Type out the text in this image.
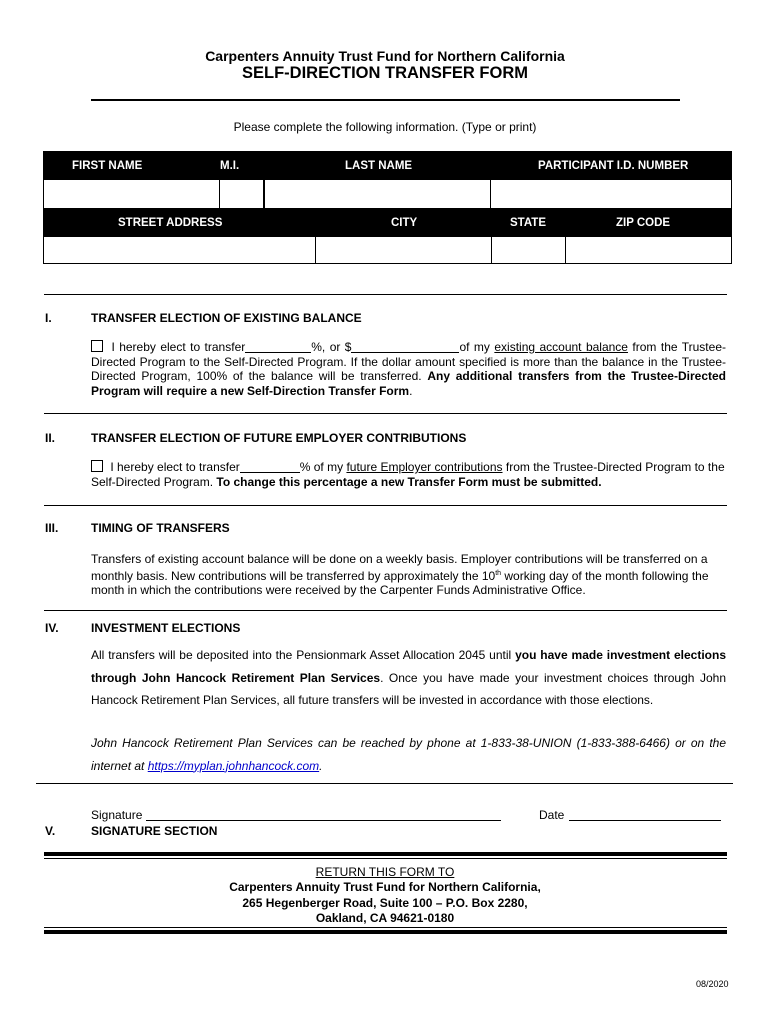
Carpenters Annuity Trust Fund for Northern California
SELF-DIRECTION TRANSFER FORM
Please complete the following information. (Type or print)
FIRST NAME	M.I.	LAST NAME	PARTICIPANT I.D. NUMBER

STREET ADDRESS	CITY	STATE	ZIP CODE

I.	TRANSFER ELECTION OF EXISTING BALANCE
I hereby elect to transfer	%, or $	of my existing account balance from the Trustee-Directed Program to the Self-Directed Program. If the dollar amount specified is more than the balance in the Trustee-Directed Program, 100% of the balance will be transferred. Any additional transfers from the Trustee-Directed Program will require a new Self-Direction Transfer Form.
II.	TRANSFER ELECTION OF FUTURE EMPLOYER CONTRIBUTIONS
I hereby elect to transfer	% of my future Employer contributions from the Trustee-Directed Program to the Self-Directed Program. To change this percentage a new Transfer Form must be submitted.
III.	TIMING OF TRANSFERS
Transfers of existing account balance will be done on a weekly basis. Employer contributions will be transferred on a monthly basis. New contributions will be transferred by approximately the 10th working day of the month following the month in which the contributions were received by the Carpenter Funds Administrative Office.
IV.	INVESTMENT ELECTIONS
All transfers will be deposited into the Pensionmark Asset Allocation 2045 until you have made investment elections through John Hancock Retirement Plan Services. Once you have made your investment choices through John Hancock Retirement Plan Services, all future transfers will be invested in accordance with those elections.
John Hancock Retirement Plan Services can be reached by phone at 1-833-38-UNION (1-833-388-6466) or on the internet at https://myplan.johnhancock.com.
Signature	Date
V.	SIGNATURE SECTION
RETURN THIS FORM TO
Carpenters Annuity Trust Fund for Northern California,
265 Hegenberger Road, Suite 100 – P.O. Box 2280,
Oakland, CA 94621-0180
08/2020
